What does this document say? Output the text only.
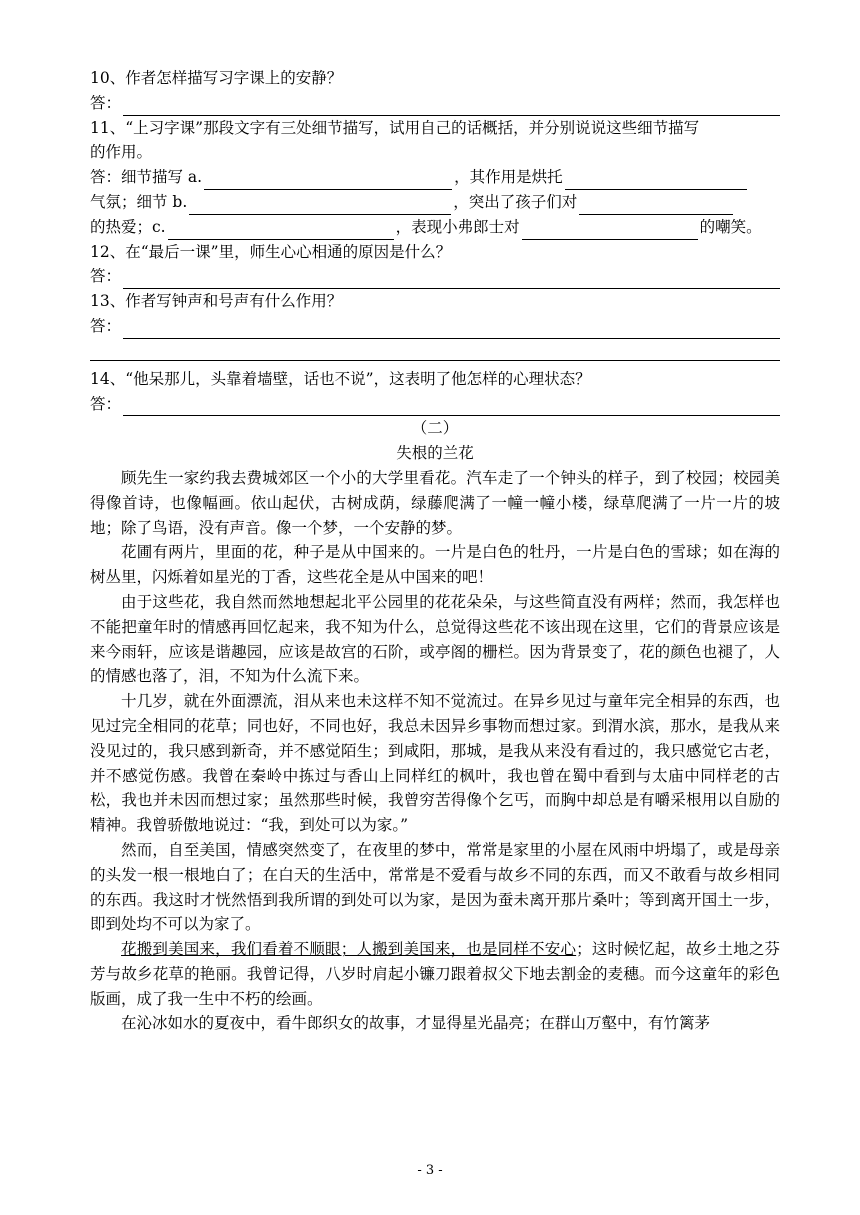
10、作者怎样描写习字课上的安静？
答：
11、“上习字课”那段文字有三处细节描写，试用自己的话概括，并分别说说这些细节描写
的作用。
答：细节描写 a.	，其作用是烘托
气氛；细节 b.	，突出了孩子们对
的热爱；c.	，表现小弗郎士对	的嘲笑。
12、在“最后一课”里，师生心心相通的原因是什么？
答：
13、作者写钟声和号声有什么作用？
答：
14、“他呆那儿，头靠着墙壁，话也不说”，这表明了他怎样的心理状态？
答：
（二）
失根的兰花
顾先生一家约我去费城郊区一个小的大学里看花。汽车走了一个钟头的样子，到了校园；校园美得像首诗，也像幅画。依山起伏，古树成荫，绿藤爬满了一幢一幢小楼，绿草爬满了一片一片的坡地；除了鸟语，没有声音。像一个梦，一个安静的梦。
花圃有两片，里面的花，种子是从中国来的。一片是白色的牡丹，一片是白色的雪球；如在海的树丛里，闪烁着如星光的丁香，这些花全是从中国来的吧！
由于这些花，我自然而然地想起北平公园里的花花朵朵，与这些简直没有两样；然而，我怎样也不能把童年时的情感再回忆起来，我不知为什么，总觉得这些花不该出现在这里，它们的背景应该是来今雨轩，应该是谐趣园，应该是故宫的石阶，或亭阁的栅栏。因为背景变了，花的颜色也褪了，人的情感也落了，泪，不知为什么流下来。
十几岁，就在外面漂流，泪从来也未这样不知不觉流过。在异乡见过与童年完全相异的东西，也见过完全相同的花草；同也好，不同也好，我总未因异乡事物而想过家。到渭水滨，那水，是我从来没见过的，我只感到新奇，并不感觉陌生；到咸阳，那城，是我从来没有看过的，我只感觉它古老，并不感觉伤感。我曾在秦岭中拣过与香山上同样红的枫叶，我也曾在蜀中看到与太庙中同样老的古松，我也并未因而想过家；虽然那些时候，我曾穷苦得像个乞丐，而胸中却总是有嚼采根用以自励的精神。我曾骄傲地说过：“我，到处可以为家。”
然而，自至美国，情感突然变了，在夜里的梦中，常常是家里的小屋在风雨中坍塌了，或是母亲的头发一根一根地白了；在白天的生活中，常常是不爱看与故乡不同的东西，而又不敢看与故乡相同的东西。我这时才恍然悟到我所谓的到处可以为家，是因为蚕未离开那片桑叶；等到离开国土一步，即到处均不可以为家了。
花搬到美国来，我们看着不顺眼；人搬到美国来，也是同样不安心；这时候忆起，故乡土地之芬芳与故乡花草的艳丽。我曾记得，八岁时肩起小镰刀跟着叔父下地去割金的麦穗。而今这童年的彩色版画，成了我一生中不朽的绘画。
在沁冰如水的夏夜中，看牛郎织女的故事，才显得星光晶亮；在群山万壑中，有竹篱茅
- 3 -
